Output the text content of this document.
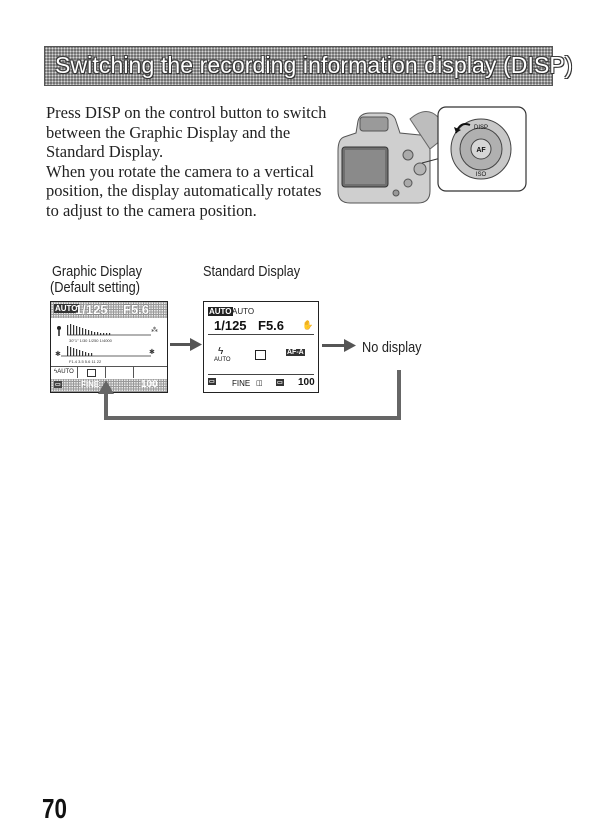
Switching the recording information display (DISP)

Press DISP on the control button to switch between the Graphic Display and the Standard Display.

When you rotate the camera to a vertical position, the display automatically rotates to adjust to the camera position.

AF
DISP
ISO
Graphic Display
(Default setting)
Standard Display
AUTO
1/125 F5.6
⁂
30"1" 1/30 1/250 1/4000
✱	✱
F1.4 3.5 5.6 11 22
ϟAUTO
▭	FINE	100
AUTO AUTO
1/125 F5.6 ✋
ϟ
AUTO
AF-A
▭ FINE ◫ ▭ 100
No display
70
